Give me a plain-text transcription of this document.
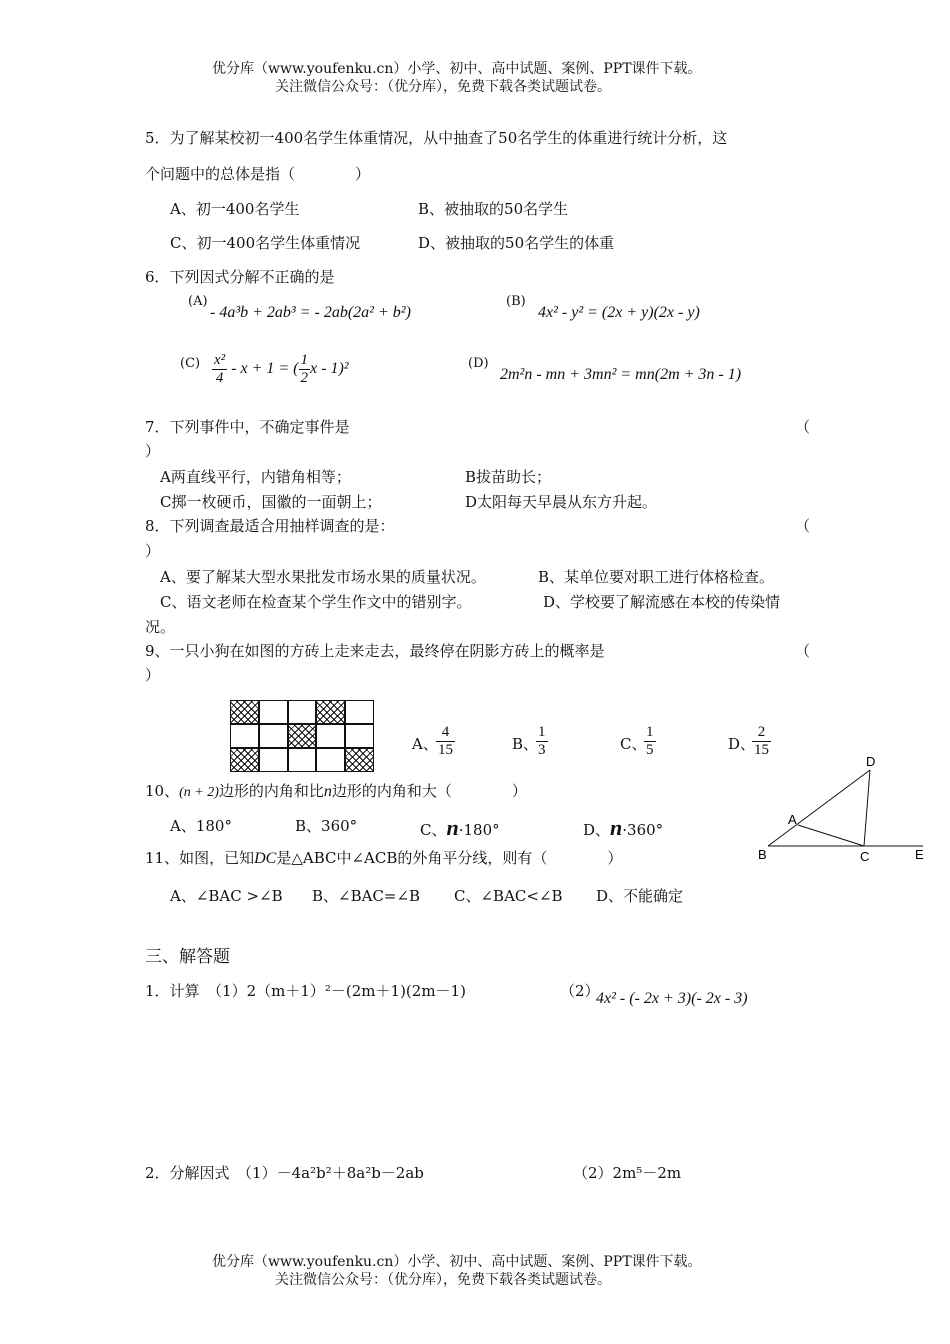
优分库（www.youfenku.cn）小学、初中、高中试题、案例、PPT课件下载。
关注微信公众号：（优分库），免费下载各类试题试卷。
5．为了解某校初一400名学生体重情况，从中抽查了50名学生的体重进行统计分析，这
个问题中的总体是指（　　　　）
A、初一400名学生	B、被抽取的50名学生
C、初一400名学生体重情况	D、被抽取的50名学生的体重
6．下列因式分解不正确的是
(A)
- 4a³b + 2ab³ = - 2ab(2a² + b²)
(B)
4x² - y² = (2x + y)(2x - y)
$(C) \frac{\text{x²}}{4} - x + 1$ = ( $\frac{1}{2}$ x - 1)²	(D)
2m²n - mn + 3mn² = mn(2m + 3n - 1)
7．下列事件中，不确定事件是	（
）
A两直线平行，内错角相等；	B拔苗助长；
C掷一枚硬币，国徽的一面朝上；	D太阳每天早晨从东方升起。
8．下列调查最适合用抽样调查的是：	（
）
A、要了解某大型水果批发市场水果的质量状况。	B、某单位要对职工进行体格检查。
C、语文老师在检查某个学生作文中的错别字。	D、学校要了解流感在本校的传染情
况。
9、一只小狗在如图的方砖上走来走去，最终停在阴影方砖上的概率是	（
）
A、
$\frac{4}{15}$	B、
$\frac{1}{3}$	C、
$\frac{1}{5}$	D、
$\frac{2}{15}$
10、(n + 2)边形的内角和比n边形的内角和大（　　　　）
A、180°	B、360°	C、n·180°	D、n·360°
D
A
B	C	E
11、如图，已知DC是△ABC中∠ACB的外角平分线，则有（　　　　）
A、∠BAC >∠B B、∠BAC=∠B C、∠BAC<∠B D、不能确定
三、解答题
1．计算　（1）2（m＋1）²－(2m＋1)(2m－1)	（2）
4x² - (- 2x + 3)(- 2x - 3)
2．分解因式　（1）－4a²b²＋8a²b－2ab	（2）2m⁵－2m
优分库（www.youfenku.cn）小学、初中、高中试题、案例、PPT课件下载。
关注微信公众号：（优分库），免费下载各类试题试卷。
